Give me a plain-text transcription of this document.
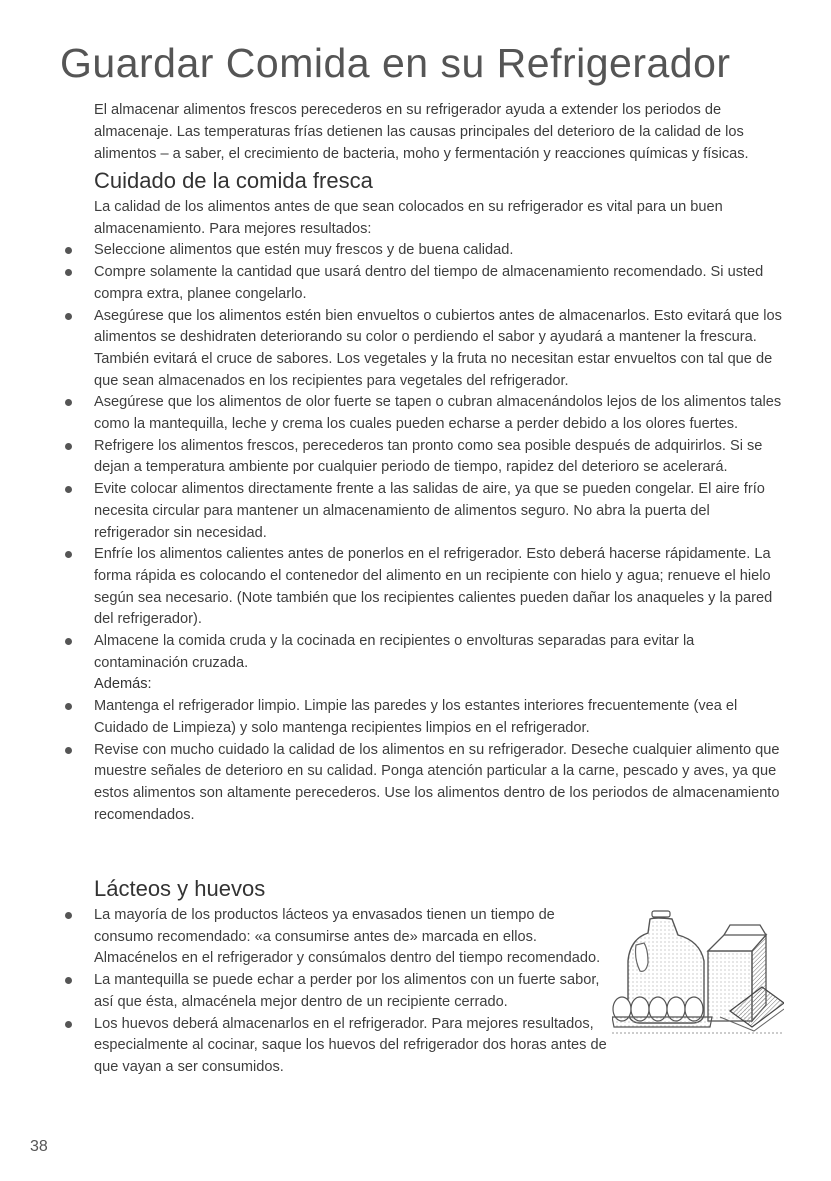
Guardar Comida en su Refrigerador

El almacenar alimentos frescos perecederos en su refrigerador ayuda a extender los periodos de almacenaje. Las temperaturas frías detienen las causas principales del deterioro de la calidad de los alimentos – a saber, el crecimiento de bacteria, moho y fermentación y reacciones químicas y físicas.

Cuidado de la comida fresca

La calidad de los alimentos antes de que sean colocados en su refrigerador es vital para un buen almacenamiento. Para mejores resultados:

Seleccione alimentos que estén muy frescos y de buena calidad.
Compre solamente la cantidad que usará dentro del tiempo de almacenamiento recomendado. Si usted compra extra, planee congelarlo.
Asegúrese que los alimentos estén bien envueltos o cubiertos antes de almacenarlos. Esto evitará que los alimentos se deshidraten deteriorando su color o perdiendo el sabor y ayudará a mantener la frescura. También evitará el cruce de sabores. Los vegetales y la fruta no necesitan estar envueltos con tal que de que sean almacenados en los recipientes para vegetales del refrigerador.
Asegúrese que los alimentos de olor fuerte se tapen o cubran almacenándolos lejos de los alimentos tales como la mantequilla, leche y crema los cuales pueden echarse a perder debido a los olores fuertes.
Refrigere los alimentos frescos, perecederos tan pronto como sea posible después de adquirirlos. Si se dejan a temperatura ambiente por cualquier periodo de tiempo, rapidez del deterioro se acelerará.
Evite colocar alimentos directamente frente a las salidas de aire, ya que se pueden congelar. El aire frío necesita circular para mantener un almacenamiento de alimentos seguro. No abra la puerta del refrigerador sin necesidad.
Enfríe los alimentos calientes antes de ponerlos en el refrigerador. Esto deberá hacerse rápidamente. La forma rápida es colocando el contenedor del alimento en un recipiente con hielo y agua; renueve el hielo según sea necesario. (Note también que los recipientes calientes pueden dañar los anaqueles y la pared del refrigerador).
Almacene la comida cruda y la cocinada en recipientes o envolturas separadas para evitar la contaminación cruzada.

Además:

Mantenga el refrigerador limpio. Limpie las paredes y los estantes interiores frecuentemente (vea el Cuidado de Limpieza) y solo mantenga recipientes limpios en el refrigerador.
Revise con mucho cuidado la calidad de los alimentos en su refrigerador. Deseche cualquier alimento que muestre señales de deterioro en su calidad. Ponga atención particular a la carne, pescado y aves, ya que estos alimentos son altamente perecederos. Use los alimentos dentro de los periodos de almacenamiento recomendados.
Lácteos y huevos
La mayoría de los productos lácteos ya envasados tienen un tiempo de consumo recomendado: «a consumirse antes de» marcada en ellos. Almacénelos en el refrigerador y consúmalos dentro del tiempo recomendado.
La mantequilla se puede echar a perder por los alimentos con un fuerte sabor, así que ésta, almacénela mejor dentro de un recipiente cerrado.
Los huevos deberá almacenarlos en el refrigerador. Para mejores resultados, especialmente al cocinar, saque los huevos del refrigerador dos horas antes de que vayan a ser consumidos.

38
